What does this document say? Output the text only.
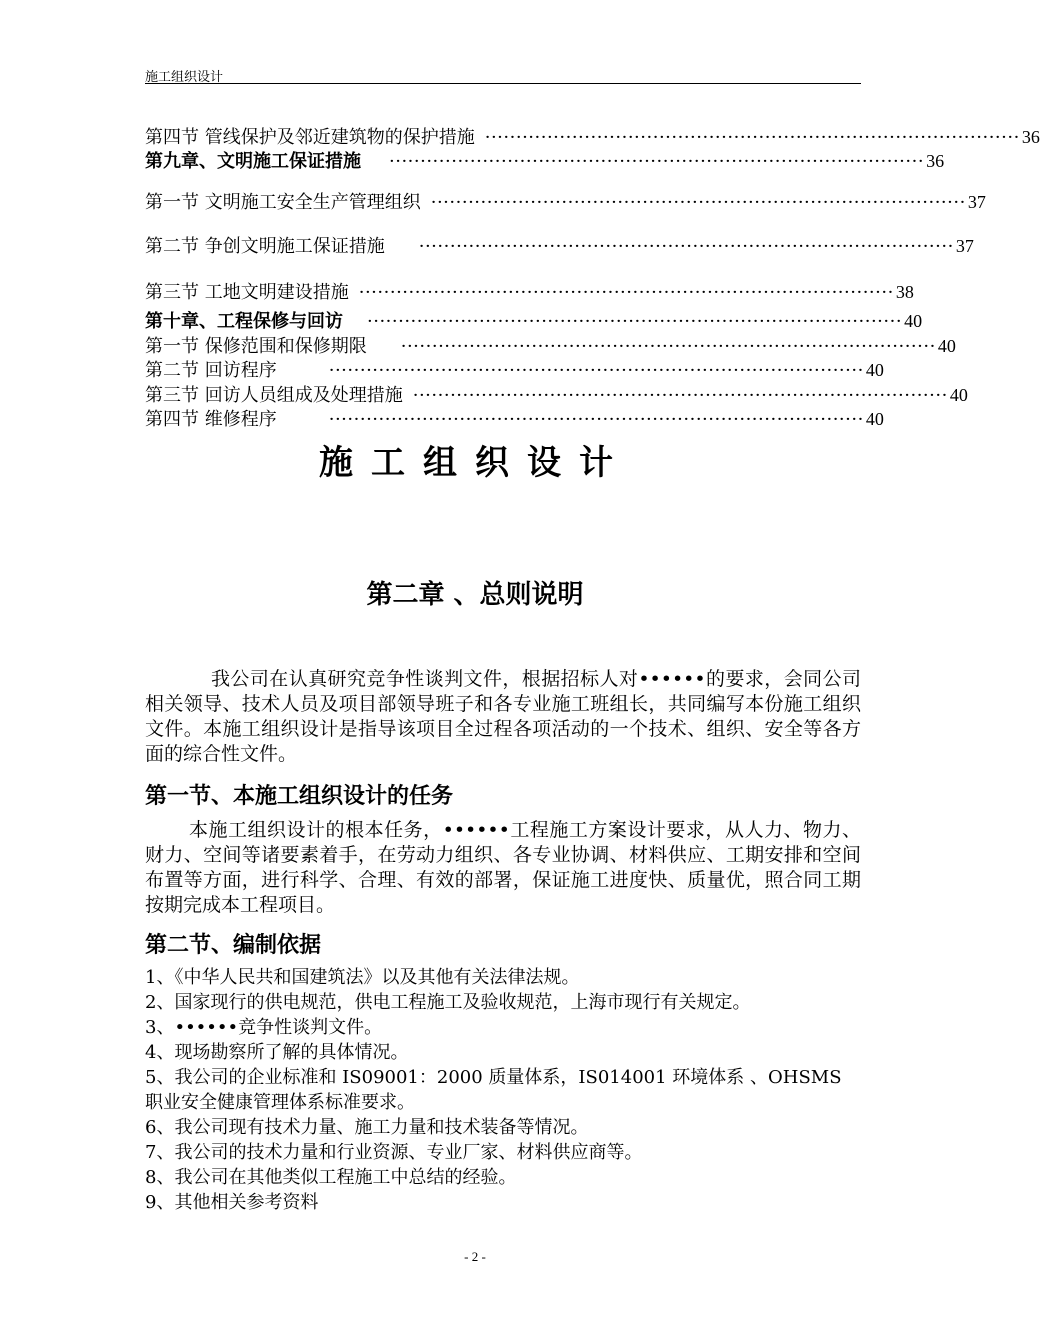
施工组织设计
第四节 管线保护及邻近建筑物的保护措施 ······················································································ 36
第九章、文明施工保证措施 ······················································································ 36
第一节 文明施工安全生产管理组织 ······················································································ 37
第二节 争创文明施工保证措施 ······················································································ 37
第三节 工地文明建设措施 ······················································································ 38
第十章、工程保修与回访 ······················································································ 40
第一节 保修范围和保修期限 ······················································································ 40
第二节 回访程序	······················································································ 40
第三节 回访人员组成及处理措施 ······················································································ 40
第四节 维修程序	······················································································ 40
施工组织设计
第二章 、总则说明
我公司在认真研究竞争性谈判文件，根据招标人对••••••的要求，会同公司相关领导、技术人员及项目部领导班子和各专业施工班组长，共同编写本份施工组织文件。本施工组织设计是指导该项目全过程各项活动的一个技术、组织、安全等各方面的综合性文件。
第一节、本施工组织设计的任务
本施工组织设计的根本任务，••••••工程施工方案设计要求，从人力、物力、财力、空间等诸要素着手，在劳动力组织、各专业协调、材料供应、工期安排和空间布置等方面，进行科学、合理、有效的部署，保证施工进度快、质量优，照合同工期按期完成本工程项目。
第二节、编制依据
1、《中华人民共和国建筑法》以及其他有关法律法规。
2、国家现行的供电规范，供电工程施工及验收规范，上海市现行有关规定。
3、••••••竞争性谈判文件。
4、现场勘察所了解的具体情况。
5、我公司的企业标准和 IS09001：2000 质量体系，IS014001 环境体系 、OHSMS 职业安全健康管理体系标准要求。
6、我公司现有技术力量、施工力量和技术装备等情况。
7、我公司的技术力量和行业资源、专业厂家、材料供应商等。
8、我公司在其他类似工程施工中总结的经验。
9、其他相关参考资料
- 2 -
